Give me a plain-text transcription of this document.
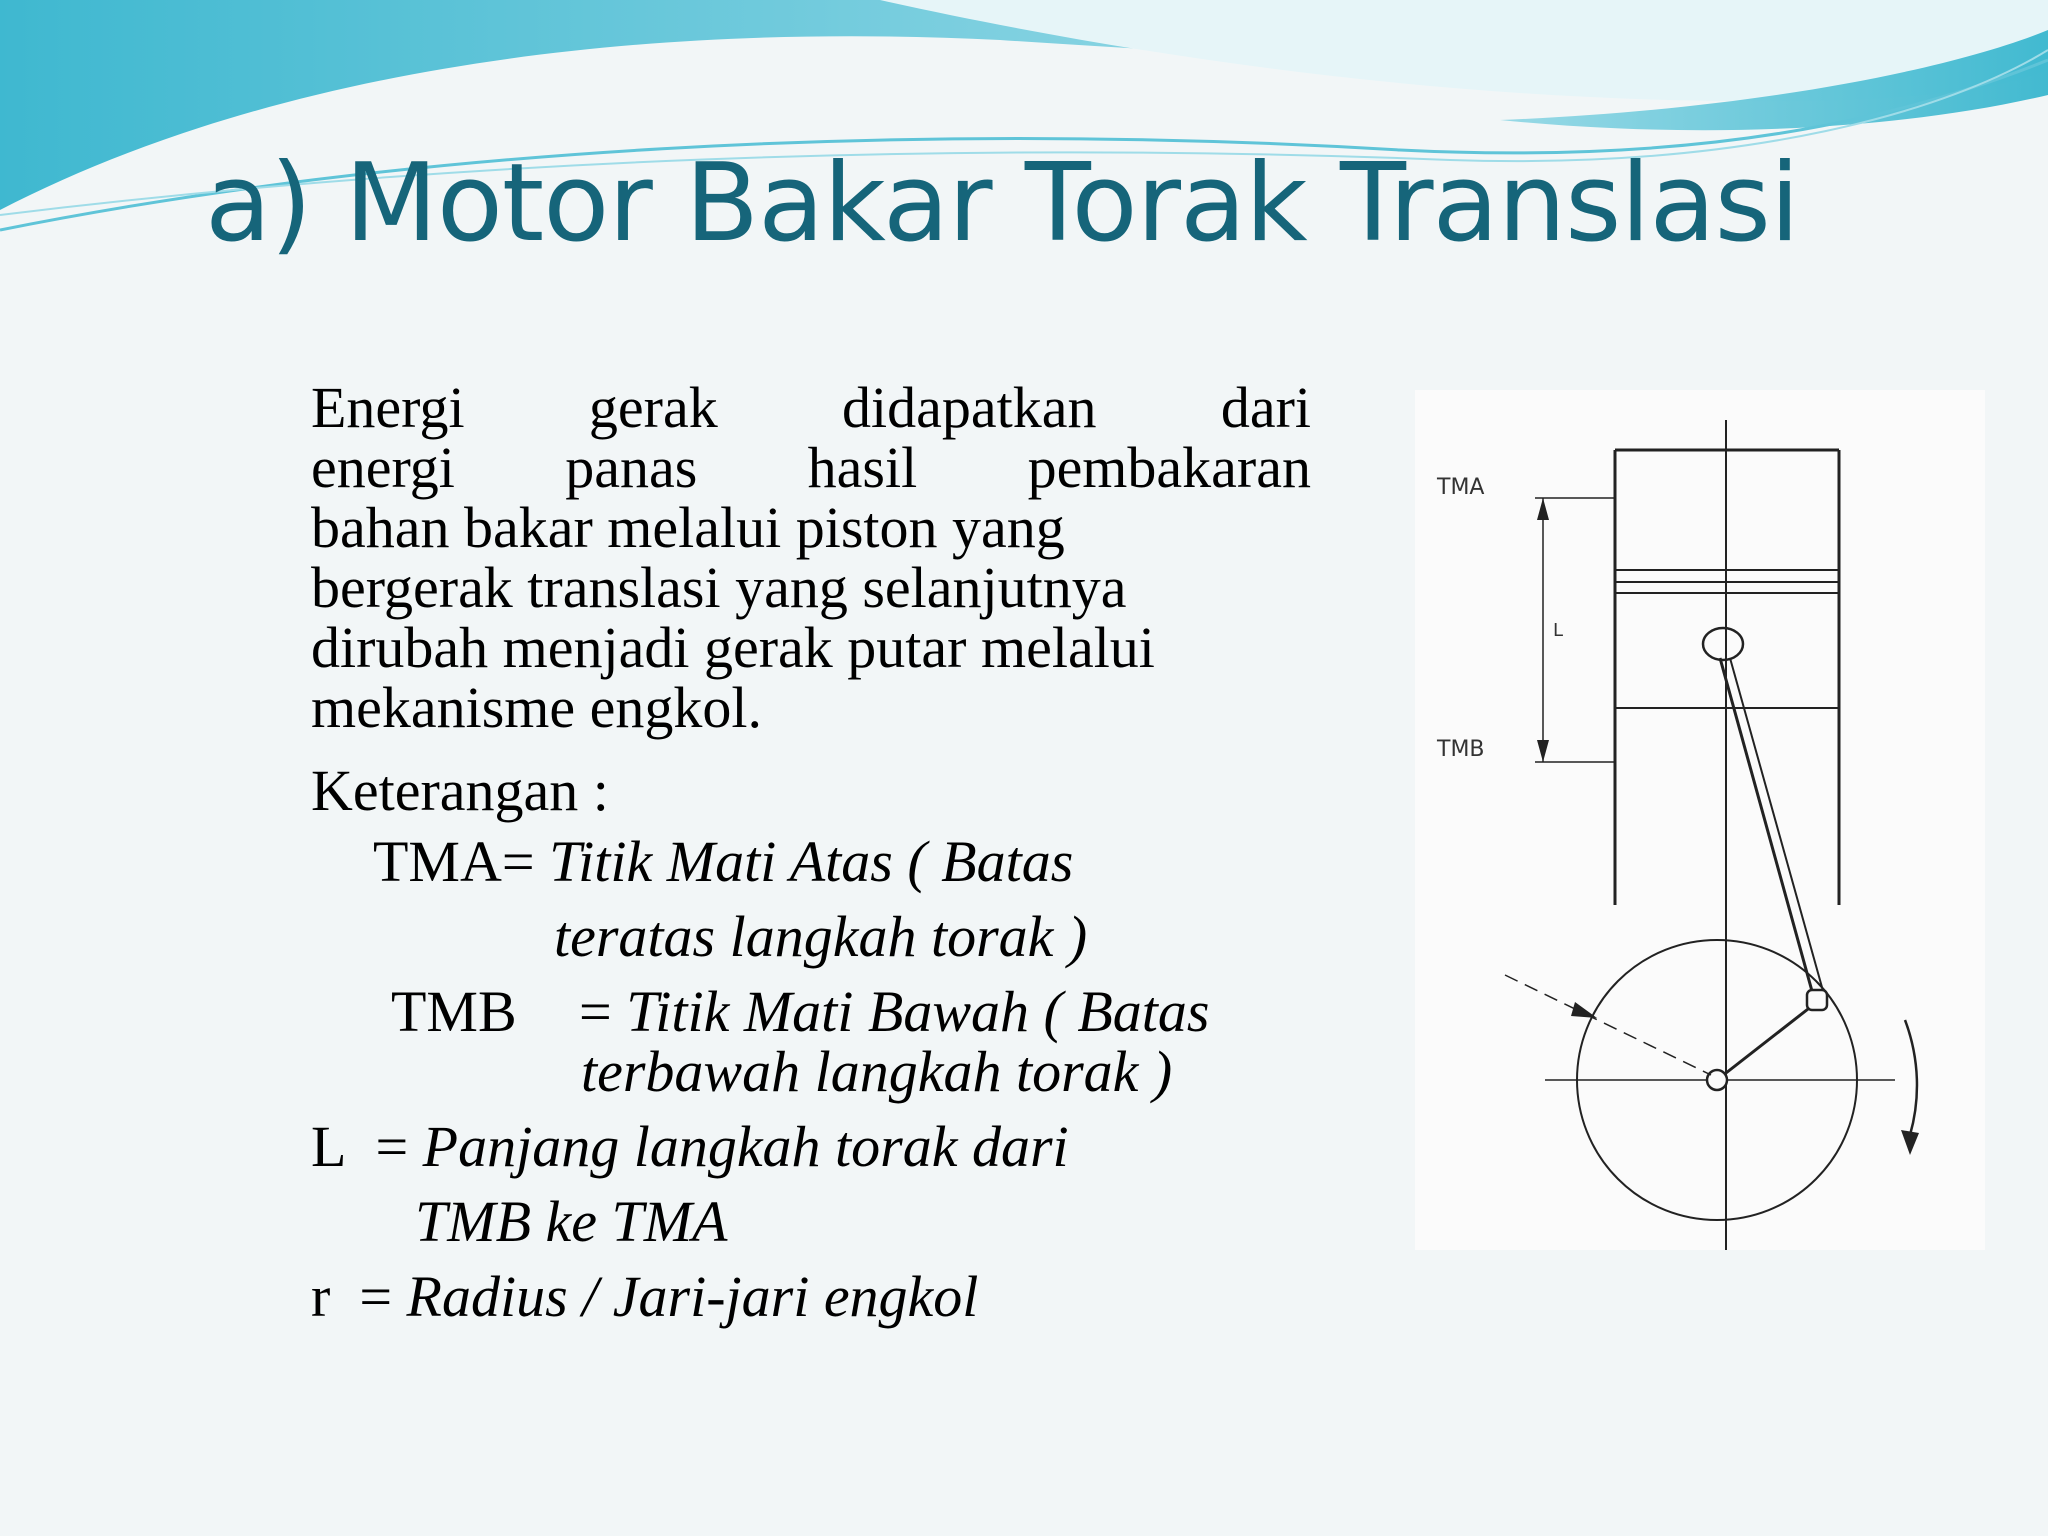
a) Motor Bakar Torak Translasi
Energi gerak didapatkan dari
energi panas hasil pembakaran
bahan bakar melalui piston yang
bergerak translasi yang selanjutnya
dirubah menjadi gerak putar melalui
mekanisme engkol.

Keterangan :

TMA= Titik Mati Atas ( Batas
teratas langkah torak )
TMB = Titik Mati Bawah ( Batas
terbawah langkah torak )
L = Panjang langkah torak dari
TMB ke TMA
r = Radius / Jari-jari engkol
TMA
L
TMB
